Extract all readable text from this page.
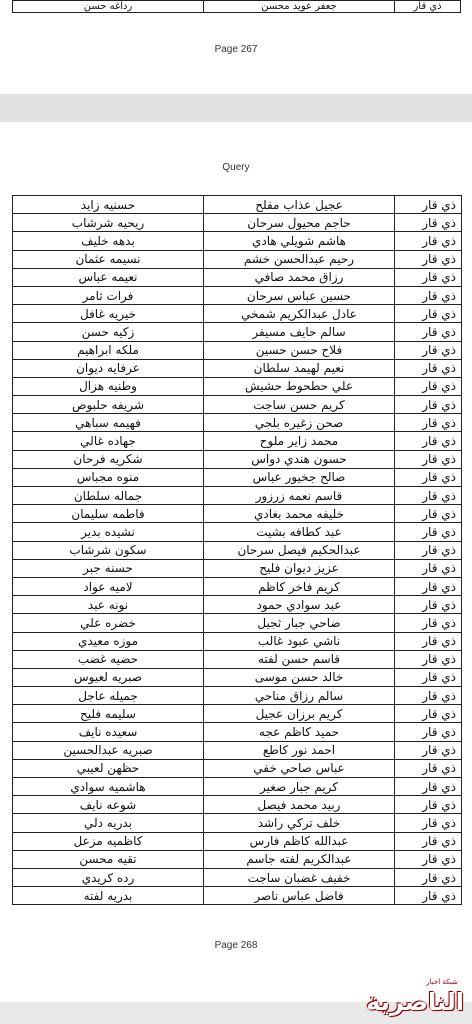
رداغه حسن	جعفر عويد محسن	ذي قار
Page 267
Query
حسنيه زايد	عجيل عذاب مفلح	ذي قار
ريحيه شرشاب	حاجم محيول سرحان	ذي قار
بدهه خليف	هاشم شويلي هادي	ذي قار
نسيمه عثمان	رحيم عبدالحسن خشم	ذي قار
نعيمه عباس	رزاق محمد صافي	ذي قار
فرات ثامر	حسين عباس سرحان	ذي قار
خيريه غافل	عادل عبدالكريم شمخي	ذي قار
زكيه حسن	سالم حايف مسيفر	ذي قار
ملكه ابراهيم	فلاح حسن حسين	ذي قار
عرفايه ديوان	نعيم لهيمد سلطان	ذي قار
وطنيه هزال	علي حطحوط حشيش	ذي قار
شريفه حلبوص	كريم حسن ساجت	ذي قار
فهيمه سباهي	صحن زغيره بلجي	ذي قار
جهاده غالي	محمد زاير ملوح	ذي قار
شكريه فرحان	حسون هندي دواس	ذي قار
منوه مجباس	صالح جخيور عباس	ذي قار
جماله سلطان	قاسم نعمه زرزور	ذي قار
فاطمه سليمان	خليفه محمد بغادي	ذي قار
نشيده بدير	عبد كطافه بشيت	ذي قار
سكون شرشاب	عبدالحكيم فيصل سرحان	ذي قار
حسنه جبر	عزيز ديوان فليح	ذي قار
لاميه عواد	كريم فاخر كاظم	ذي قار
نونه عبد	عبد سوادي حمود	ذي قار
خضره علي	ضاحي جبار ثجيل	ذي قار
موزه معيدي	ناشي عبود غالب	ذي قار
حضيه غضب	قاسم حسن لفته	ذي قار
صبريه لعيوس	خالد حسن موسى	ذي قار
جميله عاجل	سالم رزاق مناحي	ذي قار
سليمه فليح	كريم برزان عجيل	ذي قار
سعيده نايف	حميد كاظم عجه	ذي قار
صبريه عبدالحسين	احمد نور كاطع	ذي قار
حظهن لعيبي	عباس صاحي خفي	ذي قار
هاشميه سوادي	كريم جبار صغير	ذي قار
شوعه نايف	ربيد محمد فيصل	ذي قار
بدريه دلي	خلف تركي راشد	ذي قار
كاظميه مزعل	عبدالله كاظم فارس	ذي قار
تقيه محسن	عبدالكريم لفته جاسم	ذي قار
رده كريدي	خفيف غضبان ساجت	ذي قار
بدريه لفته	فاضل عباس ناصر	ذي قار
Page 268
شبكة اخبار
الناصرية
